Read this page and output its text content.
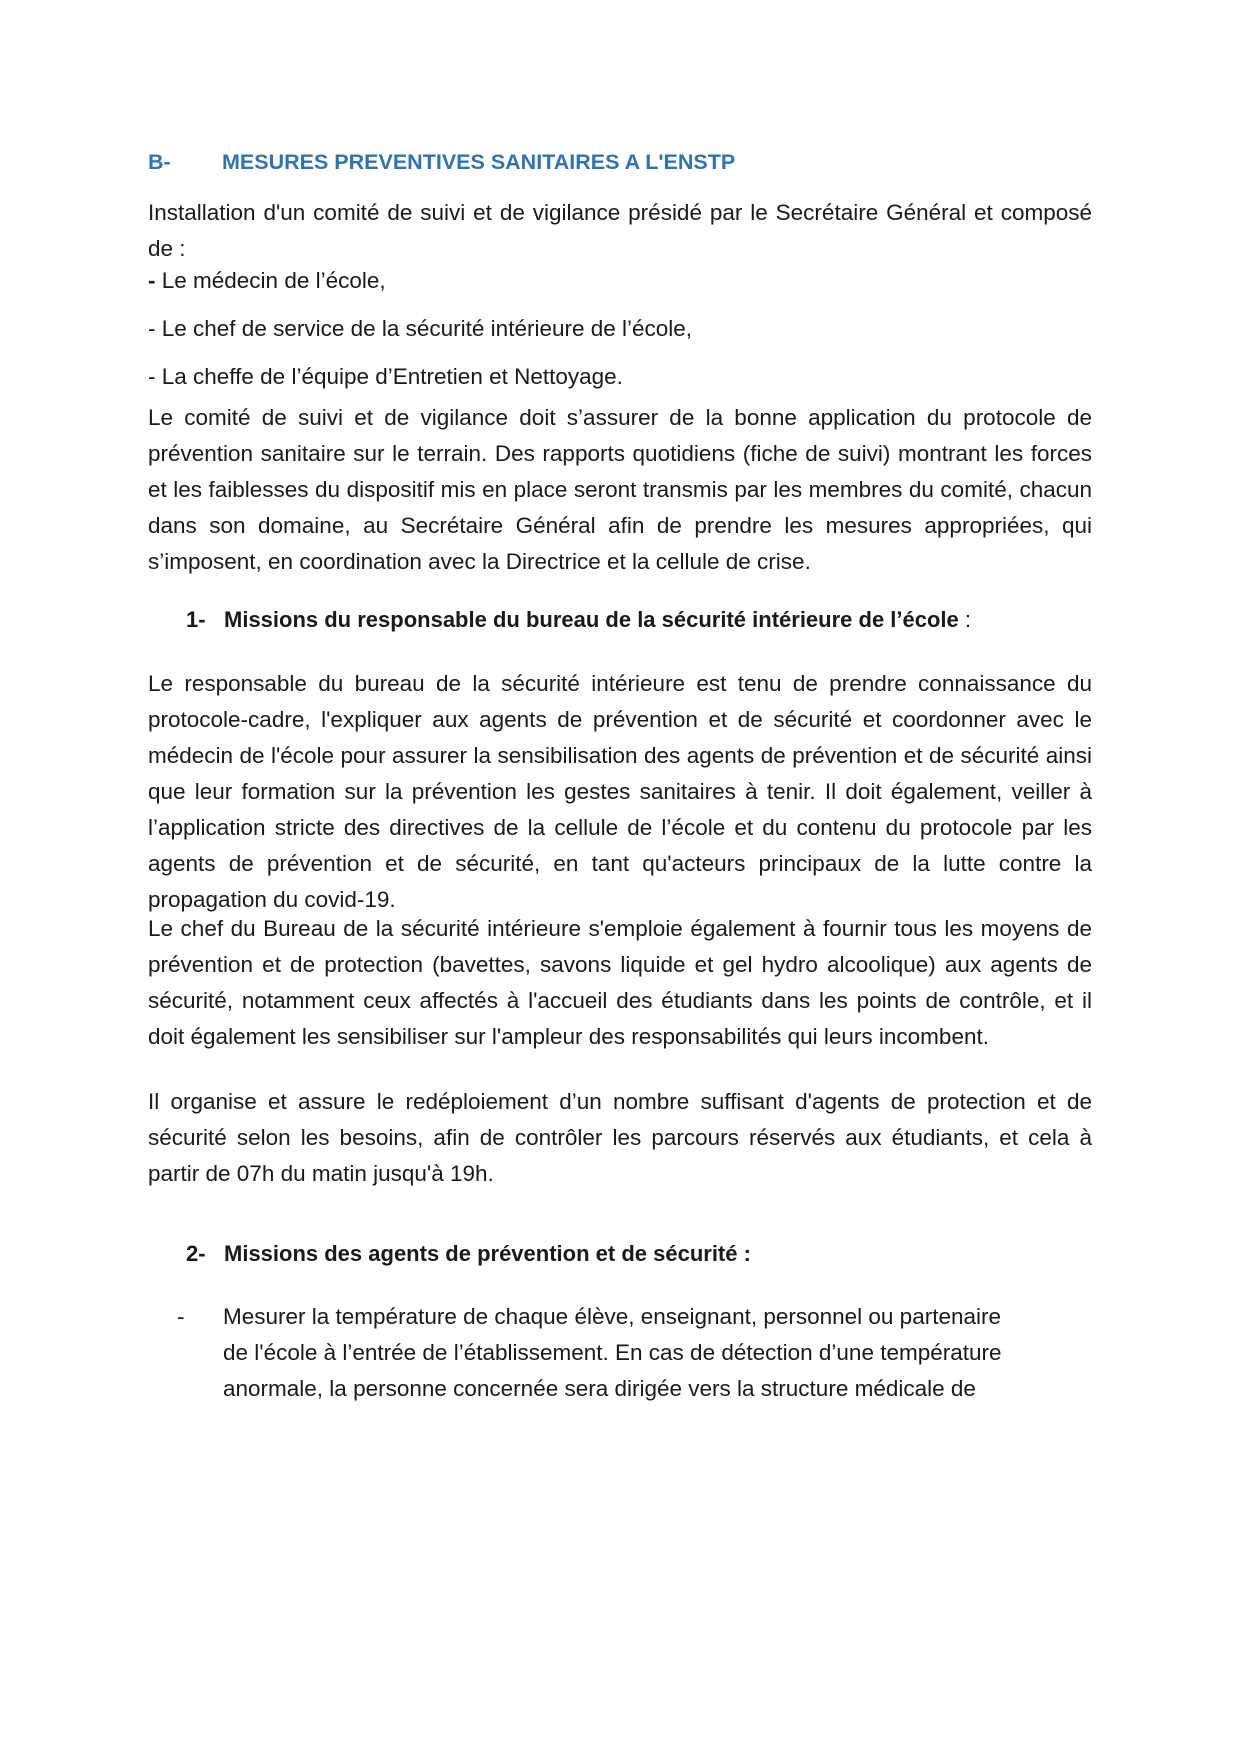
B- MESURES PREVENTIVES SANITAIRES A L'ENSTP

Installation d'un comité de suivi et de vigilance présidé par le Secrétaire Général et composé de :

- Le médecin de l’école,

- Le chef de service de la sécurité intérieure de l’école,

- La cheffe de l’équipe d’Entretien et Nettoyage.

Le comité de suivi et de vigilance doit s’assurer de la bonne application du protocole de prévention sanitaire sur le terrain. Des rapports quotidiens (fiche de suivi) montrant les forces et les faiblesses du dispositif mis en place seront transmis par les membres du comité, chacun dans son domaine, au Secrétaire Général afin de prendre les mesures appropriées, qui s’imposent, en coordination avec la Directrice et la cellule de crise.

1- Missions du responsable du bureau de la sécurité intérieure de l’école :

Le responsable du bureau de la sécurité intérieure est tenu de prendre connaissance du protocole-cadre, l'expliquer aux agents de prévention et de sécurité et coordonner avec le médecin de l'école pour assurer la sensibilisation des agents de prévention et de sécurité ainsi que leur formation sur la prévention les gestes sanitaires à tenir. Il doit également, veiller à l’application stricte des directives de la cellule de l’école et du contenu du protocole par les agents de prévention et de sécurité, en tant qu'acteurs principaux de la lutte contre la propagation du covid-19.

Le chef du Bureau de la sécurité intérieure s'emploie également à fournir tous les moyens de prévention et de protection (bavettes, savons liquide et gel hydro alcoolique) aux agents de sécurité, notamment ceux affectés à l'accueil des étudiants dans les points de contrôle, et il doit également les sensibiliser sur l'ampleur des responsabilités qui leurs incombent.

Il organise et assure le redéploiement d’un nombre suffisant d'agents de protection et de sécurité selon les besoins, afin de contrôler les parcours réservés aux étudiants, et cela à partir de 07h du matin jusqu'à 19h.

2- Missions des agents de prévention et de sécurité :
- Mesurer la température de chaque élève, enseignant, personnel ou partenaire
de l'école à l’entrée de l’établissement. En cas de détection d’une température
anormale, la personne concernée sera dirigée vers la structure médicale de
